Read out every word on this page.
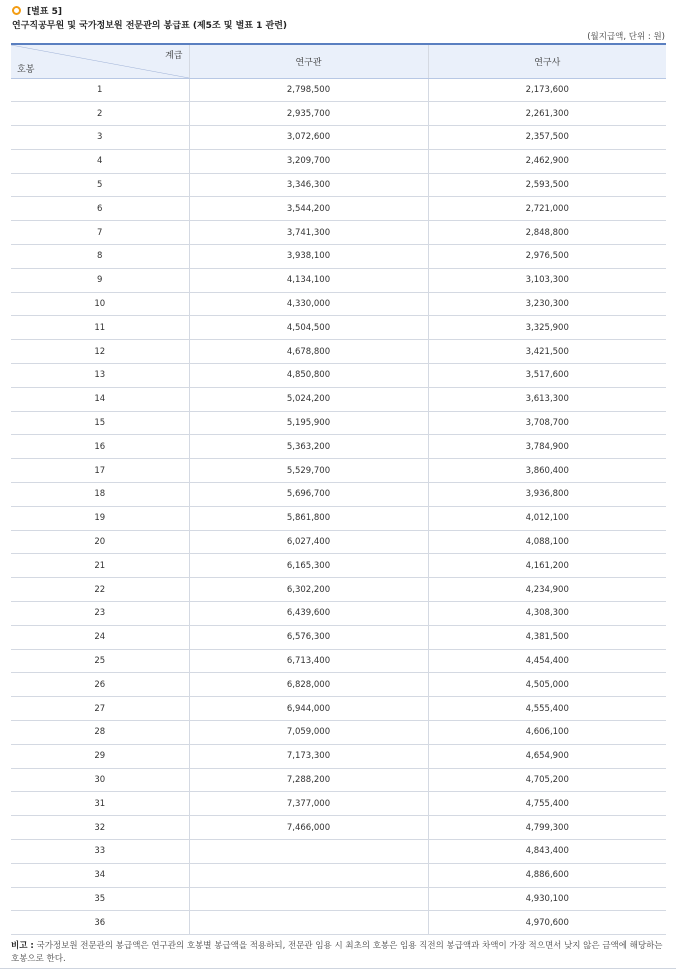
[별표 5]
연구직공무원 및 국가정보원 전문관의 봉급표 (제5조 및 별표 1 관련)
(월지급액, 단위 : 원)
계급
호봉	연구관	연구사
1	2,798,500	2,173,600
2	2,935,700	2,261,300
3	3,072,600	2,357,500
4	3,209,700	2,462,900
5	3,346,300	2,593,500
6	3,544,200	2,721,000
7	3,741,300	2,848,800
8	3,938,100	2,976,500
9	4,134,100	3,103,300
10	4,330,000	3,230,300
11	4,504,500	3,325,900
12	4,678,800	3,421,500
13	4,850,800	3,517,600
14	5,024,200	3,613,300
15	5,195,900	3,708,700
16	5,363,200	3,784,900
17	5,529,700	3,860,400
18	5,696,700	3,936,800
19	5,861,800	4,012,100
20	6,027,400	4,088,100
21	6,165,300	4,161,200
22	6,302,200	4,234,900
23	6,439,600	4,308,300
24	6,576,300	4,381,500
25	6,713,400	4,454,400
26	6,828,000	4,505,000
27	6,944,000	4,555,400
28	7,059,000	4,606,100
29	7,173,300	4,654,900
30	7,288,200	4,705,200
31	7,377,000	4,755,400
32	7,466,000	4,799,300
33		4,843,400
34		4,886,600
35		4,930,100
36		4,970,600
비고 : 국가정보원 전문관의 봉급액은 연구관의 호봉별 봉급액을 적용하되, 전문관 임용 시 최초의 호봉은 임용 직전의 봉급액과 차액이 가장 적으면서 낮지 않은 금액에 해당하는 호봉으로 한다.
